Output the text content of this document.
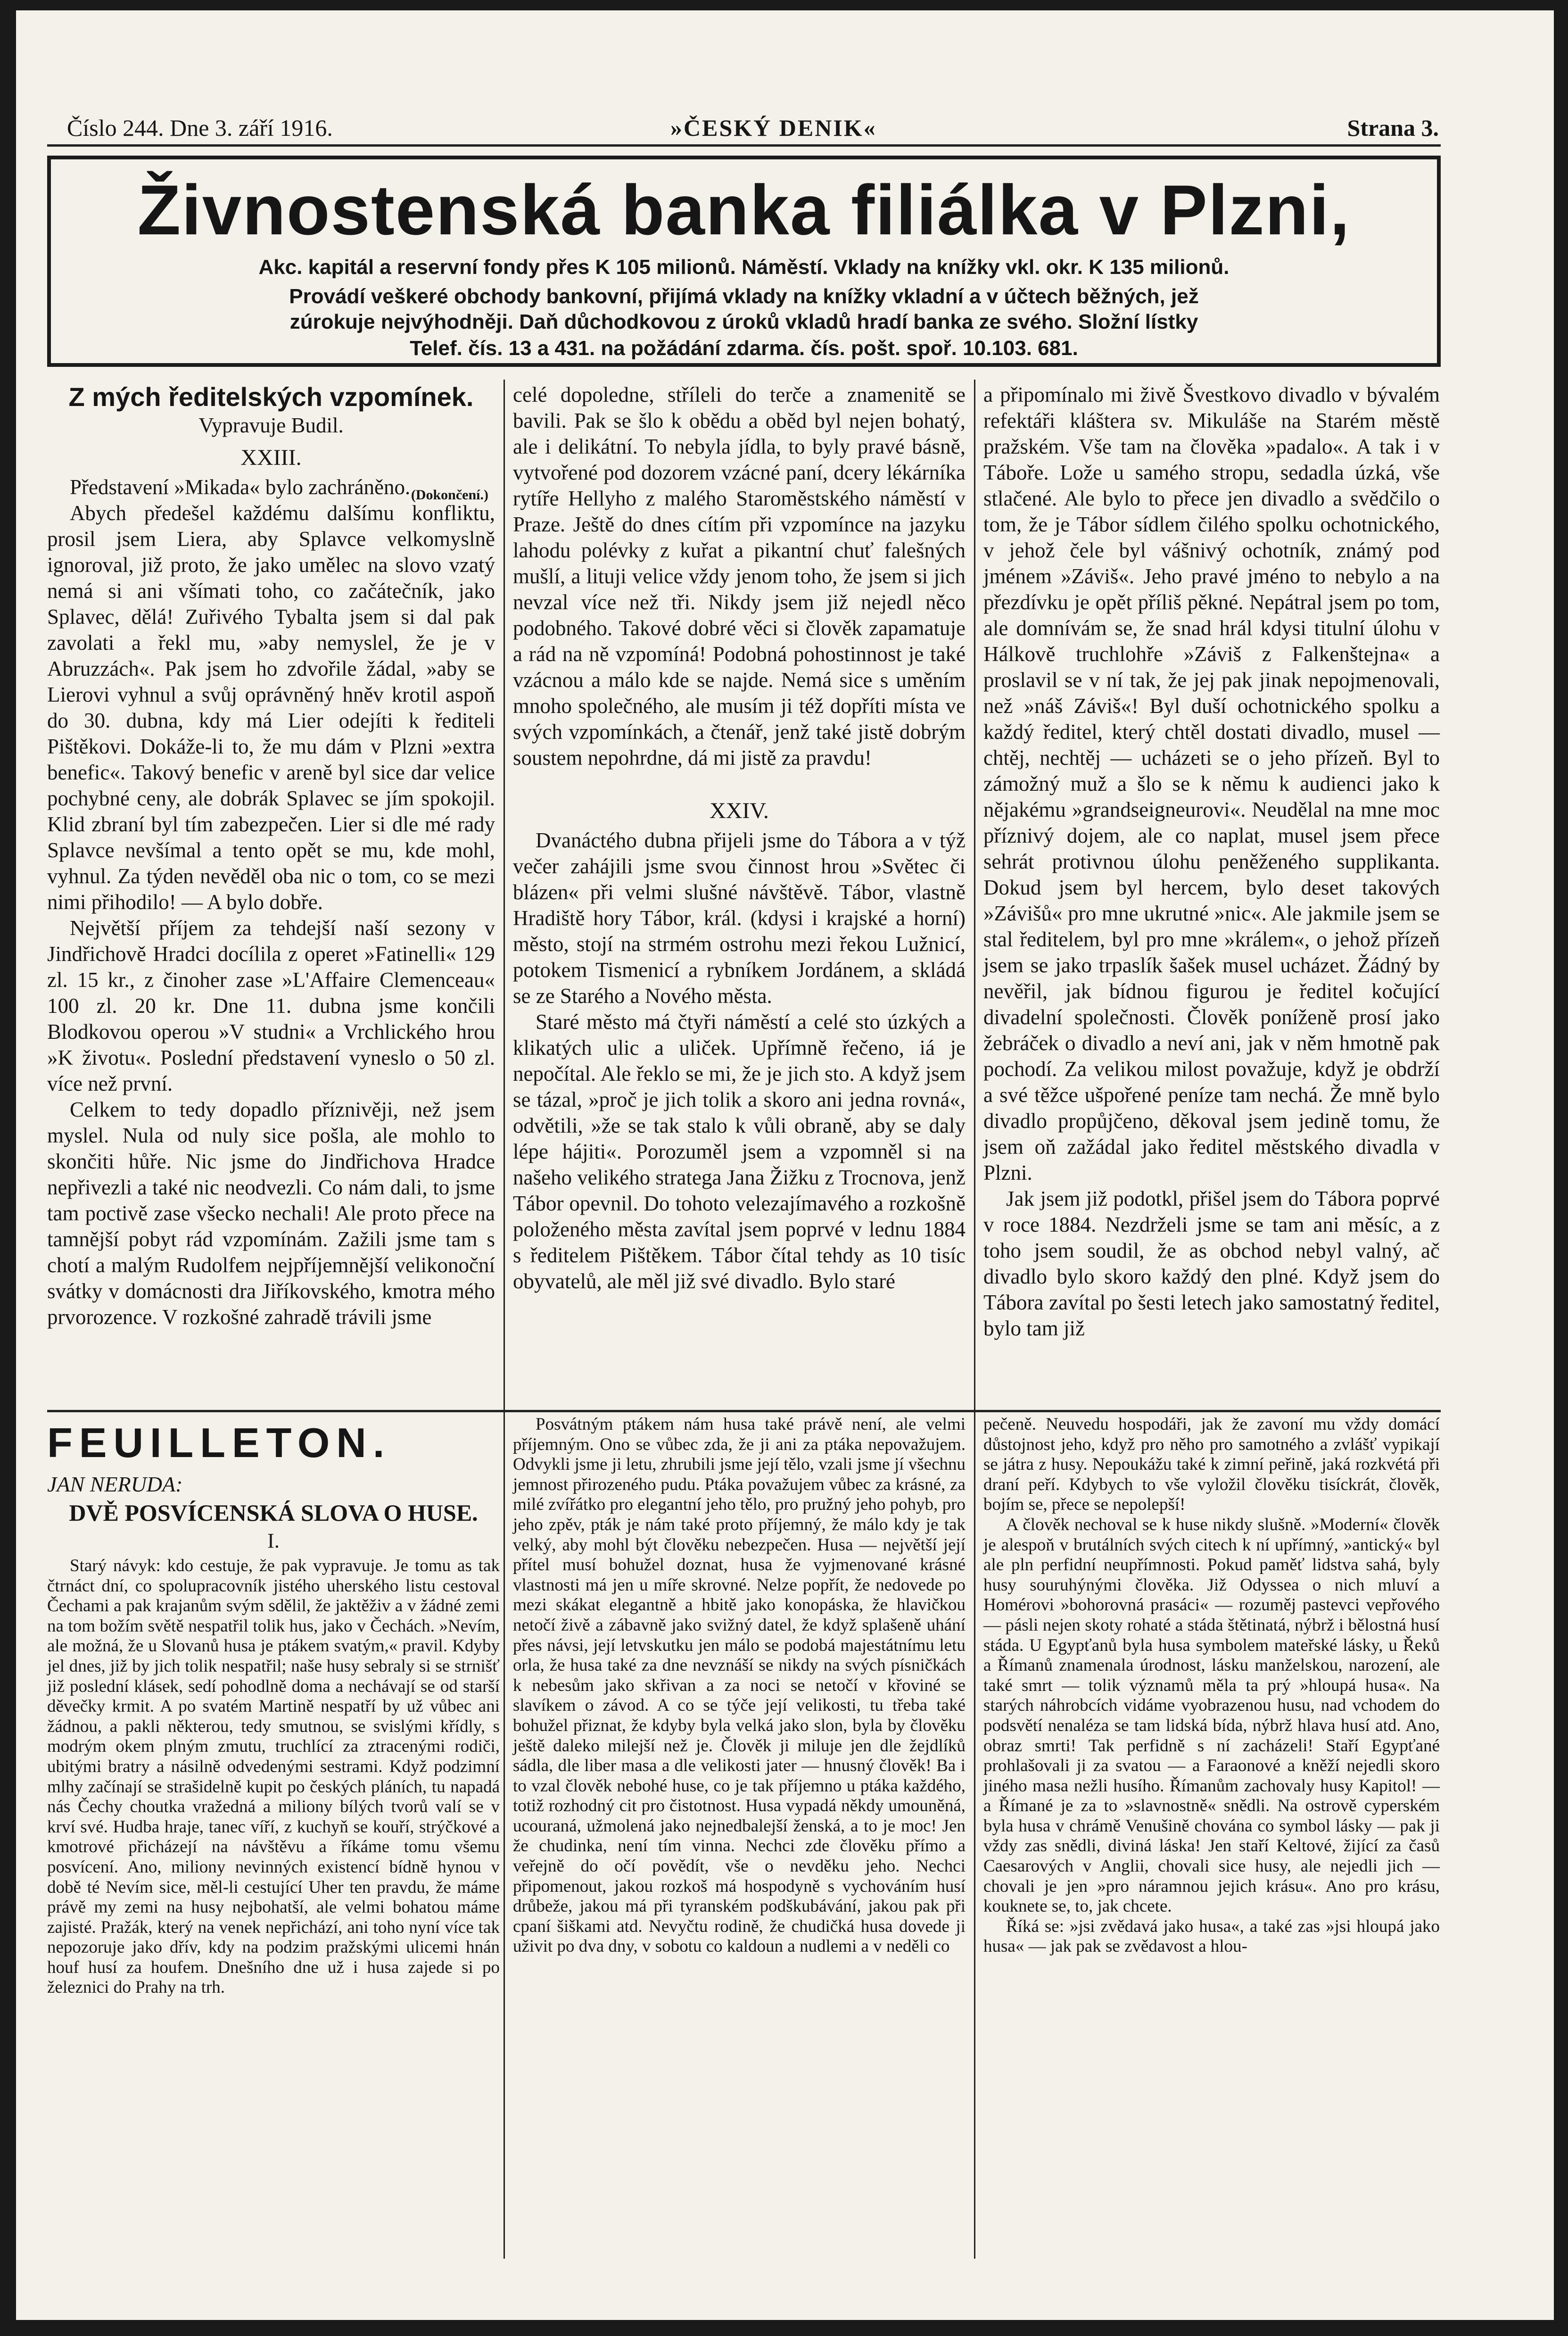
Číslo 244. Dne 3. září 1916.	»ČESKÝ DENIK«	Strana 3.
Živnostenská banka filiálka v Plzni,
Akc. kapitál a reservní fondy přes K 105 milionů. Náměstí. Vklady na knížky vkl. okr. K 135 milionů.
Provádí veškeré obchody bankovní, přijímá vklady na knížky vkladní a v účtech běžných, jež
zúrokuje nejvýhodněji. Daň důchodkovou z úroků vkladů hradí banka ze svého. Složní lístky
Telef. čís. 13 a 431. na požádání zdarma. čís. pošt. spoř. 10.103. 681.
Z mých ředitelských vzpomínek.
Vypravuje Budil.
(Dokončení.)
XXIII.

Představení »Mikada« bylo zachráněno.

Abych předešel každému dalšímu konfliktu, prosil jsem Liera, aby Splavce velkomyslně ignoroval, již proto, že jako umělec na slovo vzatý nemá si ani všímati toho, co začátečník, jako Splavec, dělá! Zuřivého Tybalta jsem si dal pak zavolati a řekl mu, »aby nemyslel, že je v Abruzzách«. Pak jsem ho zdvořile žádal, »aby se Lierovi vyhnul a svůj oprávněný hněv krotil aspoň do 30. dubna, kdy má Lier odejíti k řediteli Pištěkovi. Dokáže-li to, že mu dám v Plzni »extra benefic«. Takový benefic v areně byl sice dar velice pochybné ceny, ale dobrák Splavec se jím spokojil. Klid zbraní byl tím zabezpečen. Lier si dle mé rady Splavce nevšímal a tento opět se mu, kde mohl, vyhnul. Za týden nevěděl oba nic o tom, co se mezi nimi přihodilo! — A bylo dobře.

Největší příjem za tehdejší naší sezony v Jindřichově Hradci docílila z operet »Fatinelli« 129 zl. 15 kr., z činoher zase »L'Affaire Clemenceau« 100 zl. 20 kr. Dne 11. dubna jsme končili Blodkovou operou »V studni« a Vrchlického hrou »K životu«. Poslední představení vyneslo o 50 zl. více než první.

Celkem to tedy dopadlo příznivěji, než jsem myslel. Nula od nuly sice pošla, ale mohlo to skončiti hůře. Nic jsme do Jindřichova Hradce nepřivezli a také nic neodvezli. Co nám dali, to jsme tam poctivě zase všecko nechali! Ale proto přece na tamnější pobyt rád vzpomínám. Zažili jsme tam s chotí a malým Rudolfem nejpříjemnější velikonoční svátky v domácnosti dra Jiříkovského, kmotra mého prvorozence. V rozkošné zahradě trávili jsme

celé dopoledne, stříleli do terče a znamenitě se bavili. Pak se šlo k obědu a oběd byl nejen bohatý, ale i delikátní. To nebyla jídla, to byly pravé básně, vytvořené pod dozorem vzácné paní, dcery lékárníka rytíře Hellyho z malého Staroměstského náměstí v Praze. Ještě do dnes cítím při vzpomínce na jazyku lahodu polévky z kuřat a pikantní chuť falešných mušlí, a lituji velice vždy jenom toho, že jsem si jich nevzal více než tři. Nikdy jsem již nejedl něco podobného. Takové dobré věci si člověk zapamatuje a rád na ně vzpomíná! Podobná pohostinnost je také vzácnou a málo kde se najde. Nemá sice s uměním mnoho společného, ale musím ji též dopříti místa ve svých vzpomínkách, a čtenář, jenž také jistě dobrým soustem nepohrdne, dá mi jistě za pravdu!

XXIV.

Dvanáctého dubna přijeli jsme do Tábora a v týž večer zahájili jsme svou činnost hrou »Světec či blázen« při velmi slušné návštěvě. Tábor, vlastně Hradiště hory Tábor, král. (kdysi i krajské a horní) město, stojí na strmém ostrohu mezi řekou Lužnicí, potokem Tismenicí a rybníkem Jordánem, a skládá se ze Starého a Nového města.

Staré město má čtyři náměstí a celé sto úzkých a klikatých ulic a uliček. Upřímně řečeno, iá je nepočítal. Ale řeklo se mi, že je jich sto. A když jsem se tázal, »proč je jich tolik a skoro ani jedna rovná«, odvětili, »že se tak stalo k vůli obraně, aby se daly lépe hájiti«. Porozuměl jsem a vzpomněl si na našeho velikého stratega Jana Žižku z Trocnova, jenž Tábor opevnil. Do tohoto velezajímavého a rozkošně položeného města zavítal jsem poprvé v lednu 1884 s ředitelem Pištěkem. Tábor čítal tehdy as 10 tisíc obyvatelů, ale měl již své divadlo. Bylo staré

a připomínalo mi živě Švestkovo divadlo v bývalém refektáři kláštera sv. Mikuláše na Starém městě pražském. Vše tam na člověka »padalo«. A tak i v Táboře. Lože u samého stropu, sedadla úzká, vše stlačené. Ale bylo to přece jen divadlo a svědčilo o tom, že je Tábor sídlem čilého spolku ochotnického, v jehož čele byl vášnivý ochotník, známý pod jménem »Záviš«. Jeho pravé jméno to nebylo a na přezdívku je opět příliš pěkné. Nepátral jsem po tom, ale domnívám se, že snad hrál kdysi titulní úlohu v Hálkově truchlohře »Záviš z Falkenštejna« a proslavil se v ní tak, že jej pak jinak nepojmenovali, než »náš Záviš«! Byl duší ochotnického spolku a každý ředitel, který chtěl dostati divadlo, musel — chtěj, nechtěj — ucházeti se o jeho přízeň. Byl to zámožný muž a šlo se k němu k audienci jako k nějakému »grandseigneurovi«. Neudělal na mne moc příznivý dojem, ale co naplat, musel jsem přece sehrát protivnou úlohu peněženého supplikanta. Dokud jsem byl hercem, bylo deset takových »Závišů« pro mne ukrutné »nic«. Ale jakmile jsem se stal ředitelem, byl pro mne »králem«, o jehož přízeň jsem se jako trpaslík šašek musel ucházet. Žádný by nevěřil, jak bídnou figurou je ředitel kočující divadelní společnosti. Člověk poníženě prosí jako žebráček o divadlo a neví ani, jak v něm hmotně pak pochodí. Za velikou milost považuje, když je obdrží a své těžce ušpořené peníze tam nechá. Že mně bylo divadlo propůjčeno, děkoval jsem jedině tomu, že jsem oň zažádal jako ředitel městského divadla v Plzni.

Jak jsem již podotkl, přišel jsem do Tábora poprvé v roce 1884. Nezdrželi jsme se tam ani měsíc, a z toho jsem soudil, že as obchod nebyl valný, ač divadlo bylo skoro každý den plné. Když jsem do Tábora zavítal po šesti letech jako samostatný ředitel, bylo tam již

FEUILLETON.
JAN NERUDA:
DVĚ POSVÍCENSKÁ SLOVA O HUSE.
I.

Starý návyk: kdo cestuje, že pak vypravuje. Je tomu as tak čtrnáct dní, co spolupracovník jistého uherského listu cestoval Čechami a pak krajanům svým sdělil, že jaktěživ a v žádné zemi na tom božím světě nespatřil tolik hus, jako v Čechách. »Nevím, ale možná, že u Slovanů husa je ptákem svatým,« pravil. Kdyby jel dnes, již by jich tolik nespatřil; naše husy sebraly si se strnišť již poslední klásek, sedí pohodlně doma a nechávají se od starší děvečky krmit. A po svatém Martině nespatří by už vůbec ani žádnou, a pakli některou, tedy smutnou, se svislými křídly, s modrým okem plným zmutu, truchlící za ztracenými rodiči, ubitými bratry a násilně odvedenými sestrami. Když podzimní mlhy začínají se strašidelně kupit po českých pláních, tu napadá nás Čechy choutka vražedná a miliony bílých tvorů valí se v krví své. Hudba hraje, tanec víří, z kuchyň se kouří, strýčkové a kmotrové přicházejí na návštěvu a říkáme tomu všemu posvícení. Ano, miliony nevinných existencí bídně hynou v době té Nevím sice, měl-li cestující Uher ten pravdu, že máme právě my zemi na husy nejbohatší, ale velmi bohatou máme zajisté. Pražák, který na venek nepřichází, ani toho nyní více tak nepozoruje jako dřív, kdy na podzim pražskými ulicemi hnán houf husí za houfem. Dnešního dne už i husa zajede si po železnici do Prahy na trh.

Posvátným ptákem nám husa také právě není, ale velmi příjemným. Ono se vůbec zda, že ji ani za ptáka nepovažujem. Odvykli jsme ji letu, zhrubili jsme její tělo, vzali jsme jí všechnu jemnost přirozeného pudu. Ptáka považujem vůbec za krásné, za milé zvířátko pro elegantní jeho tělo, pro pružný jeho pohyb, pro jeho zpěv, pták je nám také proto příjemný, že málo kdy je tak velký, aby mohl být člověku nebezpečen. Husa — největší její přítel musí bohužel doznat, husa že vyjmenované krásné vlastnosti má jen u míře skrovné. Nelze popřít, že nedovede po mezi skákat elegantně a hbitě jako konopáska, že hlavičkou netočí živě a zábavně jako svižný datel, že když splašeně uhání přes návsi, její letvskutku jen málo se podobá majestátnímu letu orla, že husa také za dne nevznáší se nikdy na svých písničkách k nebesům jako skřivan a za noci se netočí v křoviné se slavíkem o závod. A co se týče její velikosti, tu třeba také bohužel přiznat, že kdyby byla velká jako slon, byla by člověku ještě daleko milejší než je. Člověk ji miluje jen dle žejdlíků sádla, dle liber masa a dle velikosti jater — hnusný člověk! Ba i to vzal člověk nebohé huse, co je tak příjemno u ptáka každého, totiž rozhodný cit pro čistotnost. Husa vypadá někdy umouněná, ucouraná, užmolená jako nejnedbalejší ženská, a to je moc! Jen že chudinka, není tím vinna. Nechci zde člověku přímo a veřejně do očí povědít, vše o nevděku jeho. Nechci připomenout, jakou rozkoš má hospodyně s vychováním husí drůbeže, jakou má při tyranském podškubávání, jakou pak při cpaní šiškami atd. Nevyčtu rodině, že chudičká husa dovede ji uživit po dva dny, v sobotu co kaldoun a nudlemi a v neděli co

pečeně. Neuvedu hospodáři, jak že zavoní mu vždy domácí důstojnost jeho, když pro něho pro samotného a zvlášť vypikají se játra z husy. Nepoukážu také k zimní peřině, jaká rozkvétá při draní peří. Kdybych to vše vyložil člověku tisíckrát, člověk, bojím se, přece se nepolepší!

A člověk nechoval se k huse nikdy slušně. »Moderní« člověk je alespoň v brutálních svých citech k ní upřímný, »antický« byl ale pln perfidní neupřímnosti. Pokud paměť lidstva sahá, byly husy souruhýnými člověka. Již Odyssea o nich mluví a Homérovi »bohorovná prasáci« — rozuměj pastevci vepřového — pásli nejen skoty rohaté a stáda štětinatá, nýbrž i bělostná husí stáda. U Egypťanů byla husa symbolem mateřské lásky, u Řeků a Římanů znamenala úrodnost, lásku manželskou, narození, ale také smrt — tolik významů měla ta prý »hloupá husa«. Na starých náhrobcích vidáme vyobrazenou husu, nad vchodem do podsvětí nenaléza se tam lidská bída, nýbrž hlava husí atd. Ano, obraz smrti! Tak perfidně s ní zacházeli! Staří Egypťané prohlašovali ji za svatou — a Faraonové a kněží nejedli skoro jiného masa nežli husího. Římanům zachovaly husy Kapitol! — a Římané je za to »slavnostně« snědli. Na ostrově cyperském byla husa v chrámě Venušině chována co symbol lásky — pak ji vždy zas snědli, diviná láska! Jen staří Keltové, žijící za časů Caesarových v Anglii, chovali sice husy, ale nejedli jich — chovali je jen »pro náramnou jejich krásu«. Ano pro krásu, kouknete se, to, jak chcete.

Říká se: »jsi zvědavá jako husa«, a také zas »jsi hloupá jako husa« — jak pak se zvědavost a hlou-
